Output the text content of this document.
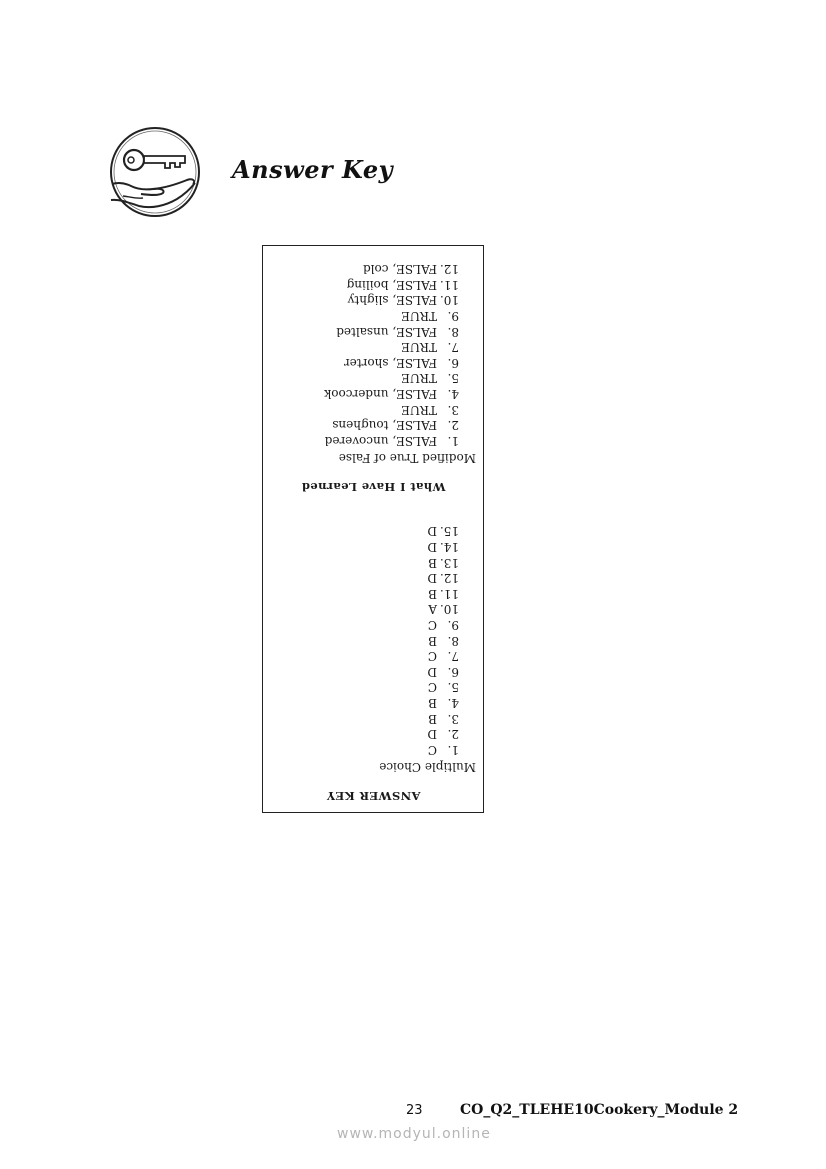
Answer Key
ANSWER KEY
Multiple Choice
1.C
2.D
3.B
4.B
5.C
6.D
7.C
8.B
9.C
10.A
11.B
12.D
13.B
14.D
15.D
What I Have Learned
Modified True of False
1.FALSE, uncovered
2.FALSE, toughens
3.TRUE
4.FALSE, undercook
5.TRUE
6.FALSE, shorter
7.TRUE
8.FALSE, unsalted
9.TRUE
10.FALSE, slighty
11.FALSE, boiling
12.FALSE, cold
23	CO_Q2_TLEHE10Cookery_Module 2
www.modyul.online
